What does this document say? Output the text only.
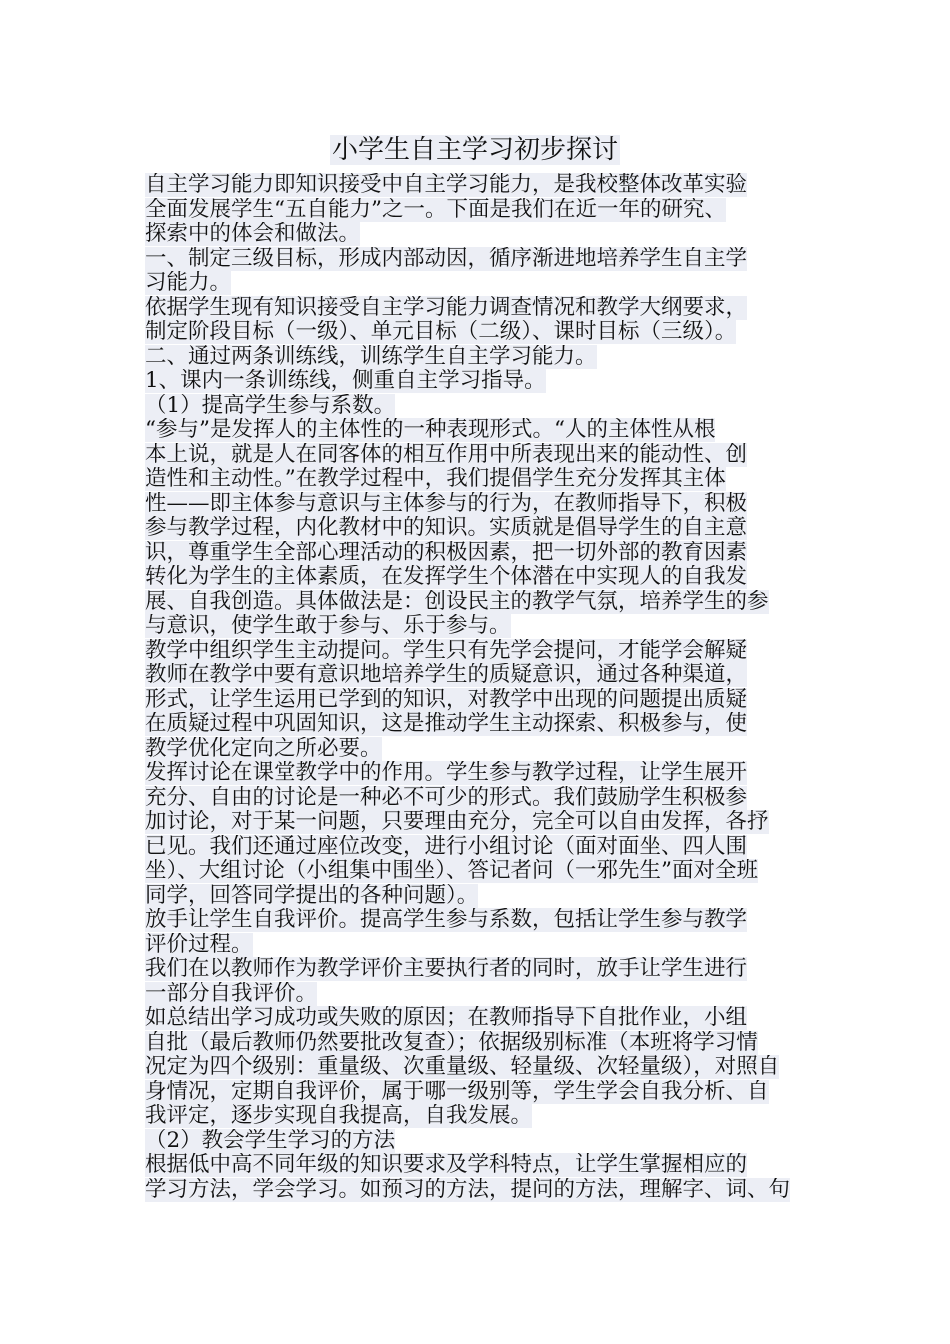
小学生自主学习初步探讨
自主学习能力即知识接受中自主学习能力，是我校整体改革实验
全面发展学生“五自能力”之一。下面是我们在近一年的研究、
探索中的体会和做法。
一、制定三级目标，形成内部动因，循序渐进地培养学生自主学
习能力。
依据学生现有知识接受自主学习能力调查情况和教学大纲要求，
制定阶段目标（一级）、单元目标（二级）、课时目标（三级）。
二、通过两条训练线，训练学生自主学习能力。
1、课内一条训练线，侧重自主学习指导。
（1）提高学生参与系数。
“参与”是发挥人的主体性的一种表现形式。“人的主体性从根
本上说，就是人在同客体的相互作用中所表现出来的能动性、创
造性和主动性。”在教学过程中，我们提倡学生充分发挥其主体
性——即主体参与意识与主体参与的行为，在教师指导下，积极
参与教学过程，内化教材中的知识。实质就是倡导学生的自主意
识，尊重学生全部心理活动的积极因素，把一切外部的教育因素
转化为学生的主体素质，在发挥学生个体潜在中实现人的自我发
展、自我创造。具体做法是：创设民主的教学气氛，培养学生的参
与意识，使学生敢于参与、乐于参与。
教学中组织学生主动提问。学生只有先学会提问，才能学会解疑
教师在教学中要有意识地培养学生的质疑意识，通过各种渠道，
形式，让学生运用已学到的知识，对教学中出现的问题提出质疑
在质疑过程中巩固知识，这是推动学生主动探索、积极参与，使
教学优化定向之所必要。
发挥讨论在课堂教学中的作用。学生参与教学过程，让学生展开
充分、自由的讨论是一种必不可少的形式。我们鼓励学生积极参
加讨论，对于某一问题，只要理由充分，完全可以自由发挥，各抒
已见。我们还通过座位改变，进行小组讨论（面对面坐、四人围
坐）、大组讨论（小组集中围坐）、答记者问（一邪先生”面对全班
同学，回答同学提出的各种问题）。
放手让学生自我评价。提高学生参与系数，包括让学生参与教学
评价过程。
我们在以教师作为教学评价主要执行者的同时，放手让学生进行
一部分自我评价。
如总结出学习成功或失败的原因；在教师指导下自批作业，小组
自批（最后教师仍然要批改复查）；依据级别标准（本班将学习情
况定为四个级别：重量级、次重量级、轻量级、次轻量级），对照自
身情况，定期自我评价，属于哪一级别等，学生学会自我分析、自
我评定，逐步实现自我提高，自我发展。
（2）教会学生学习的方法
根据低中高不同年级的知识要求及学科特点，让学生掌握相应的
学习方法，学会学习。如预习的方法，提问的方法，理解字、词、句
